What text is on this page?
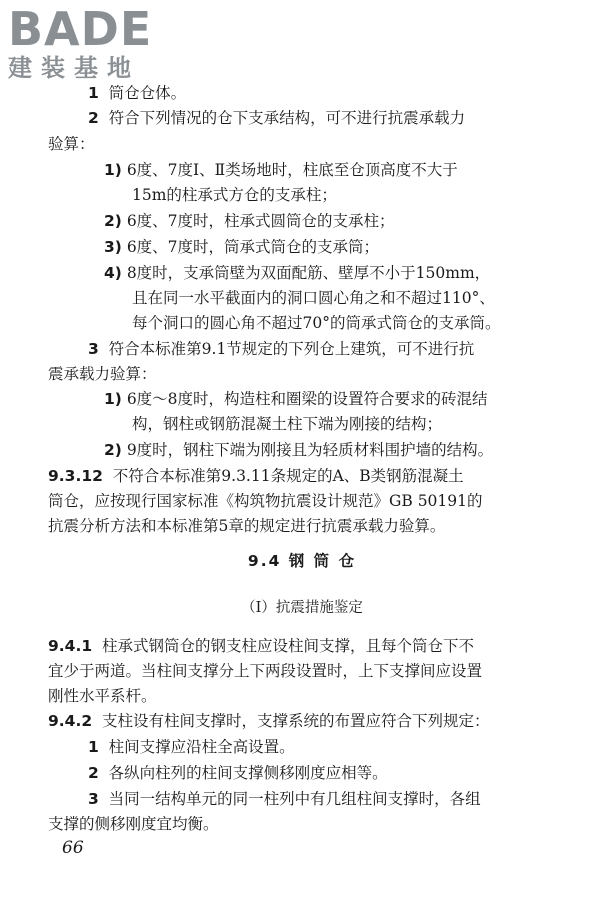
BADE
建装基地
1 筒仓仓体。
2 符合下列情况的仓下支承结构，可不进行抗震承载力
验算：
1) 6度、7度Ⅰ、Ⅱ类场地时，柱底至仓顶高度不大于
15m的柱承式方仓的支承柱；
2) 6度、7度时，柱承式圆筒仓的支承柱；
3) 6度、7度时，筒承式筒仓的支承筒；
4) 8度时，支承筒壁为双面配筋、壁厚不小于150mm，
且在同一水平截面内的洞口圆心角之和不超过110°、
每个洞口的圆心角不超过70°的筒承式筒仓的支承筒。
3 符合本标准第9.1节规定的下列仓上建筑，可不进行抗
震承载力验算：
1) 6度～8度时，构造柱和圈梁的设置符合要求的砖混结
构，钢柱或钢筋混凝土柱下端为刚接的结构；
2) 9度时，钢柱下端为刚接且为轻质材料围护墙的结构。
9.3.12 不符合本标准第9.3.11条规定的A、B类钢筋混凝土
筒仓，应按现行国家标准《构筑物抗震设计规范》GB 50191的
抗震分析方法和本标准第5章的规定进行抗震承载力验算。
9.4 钢 筒 仓
（Ⅰ）抗震措施鉴定
9.4.1 柱承式钢筒仓的钢支柱应设柱间支撑，且每个筒仓下不
宜少于两道。当柱间支撑分上下两段设置时，上下支撑间应设置
刚性水平系杆。
9.4.2 支柱设有柱间支撑时，支撑系统的布置应符合下列规定：
1 柱间支撑应沿柱全高设置。
2 各纵向柱列的柱间支撑侧移刚度应相等。
3 当同一结构单元的同一柱列中有几组柱间支撑时，各组
支撑的侧移刚度宜均衡。
66
